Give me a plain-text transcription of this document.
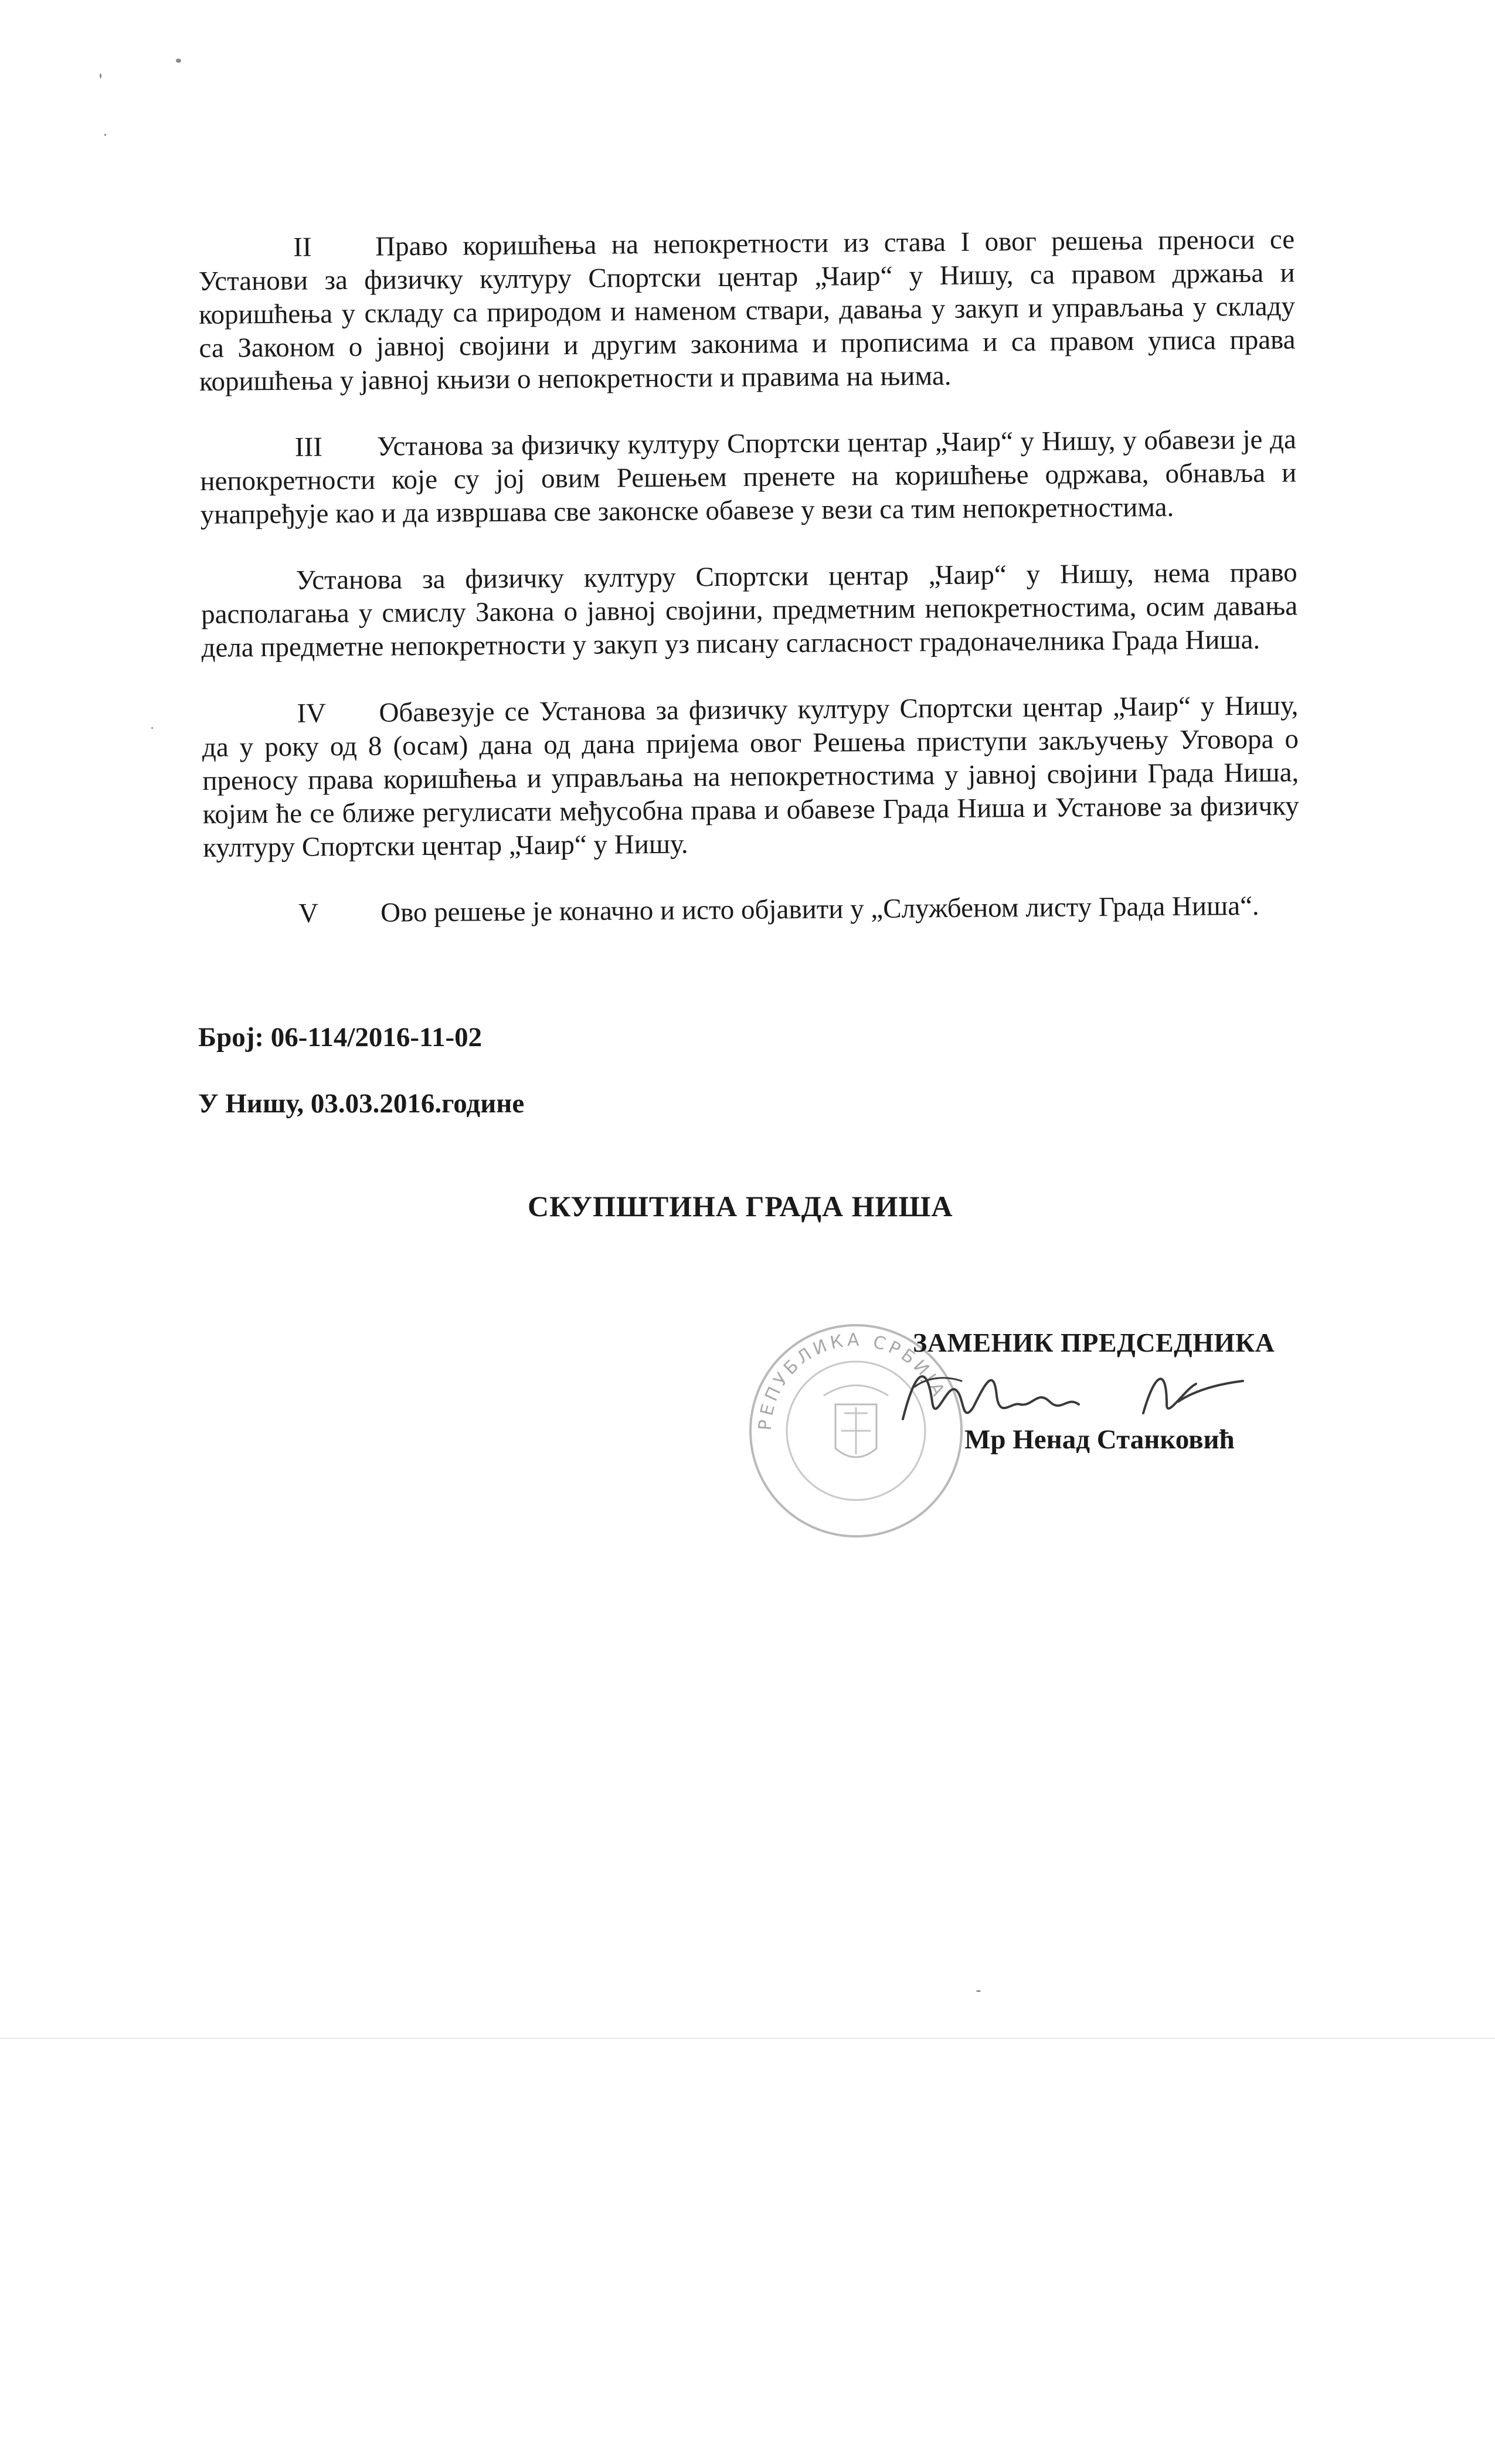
II Право коришћења на непокретности из става I овог решења преноси се Установи за физичку културу Спортски центар „Чаир“ у Нишу, са правом држања и коришћења у складу са природом и наменом ствари, давања у закуп и управљања у складу са Законом о јавној својини и другим законима и прописима и са правом уписа права коришћења у јавној књизи о непокретности и правима на њима.

III Установа за физичку културу Спортски центар „Чаир“ у Нишу, у обавези је да непокретности које су јој овим Решењем пренете на коришћење одржава, обнавља и унапређује као и да извршава све законске обавезе у вези са тим непокретностима.

Установа за физичку културу Спортски центар „Чаир“ у Нишу, нема право располагања у смислу Закона о јавној својини, предметним непокретностима, осим давања дела предметне непокретности у закуп уз писану сагласност градоначелника Града Ниша.

IV Обавезује се Установа за физичку културу Спортски центар „Чаир“ у Нишу, да у року од 8 (осам) дана од дана пријема овог Решења приступи закључењу Уговора о преносу права коришћења и управљања на непокретностима у јавној својини Града Ниша, којим ће се ближе регулисати међусобна права и обавезе Града Ниша и Установе за физичку културу Спортски центар „Чаир“ у Нишу.

V Ово решење је коначно и исто објавити у „Службеном листу Града Ниша“.

Број: 06-114/2016-11-02
У Нишу, 03.03.2016.године
СКУПШТИНА ГРАДА НИША
РЕПУБЛИКА СРБИЈА
ЗАМЕНИК ПРЕДСЕДНИКА
Мр Ненад Станковић
